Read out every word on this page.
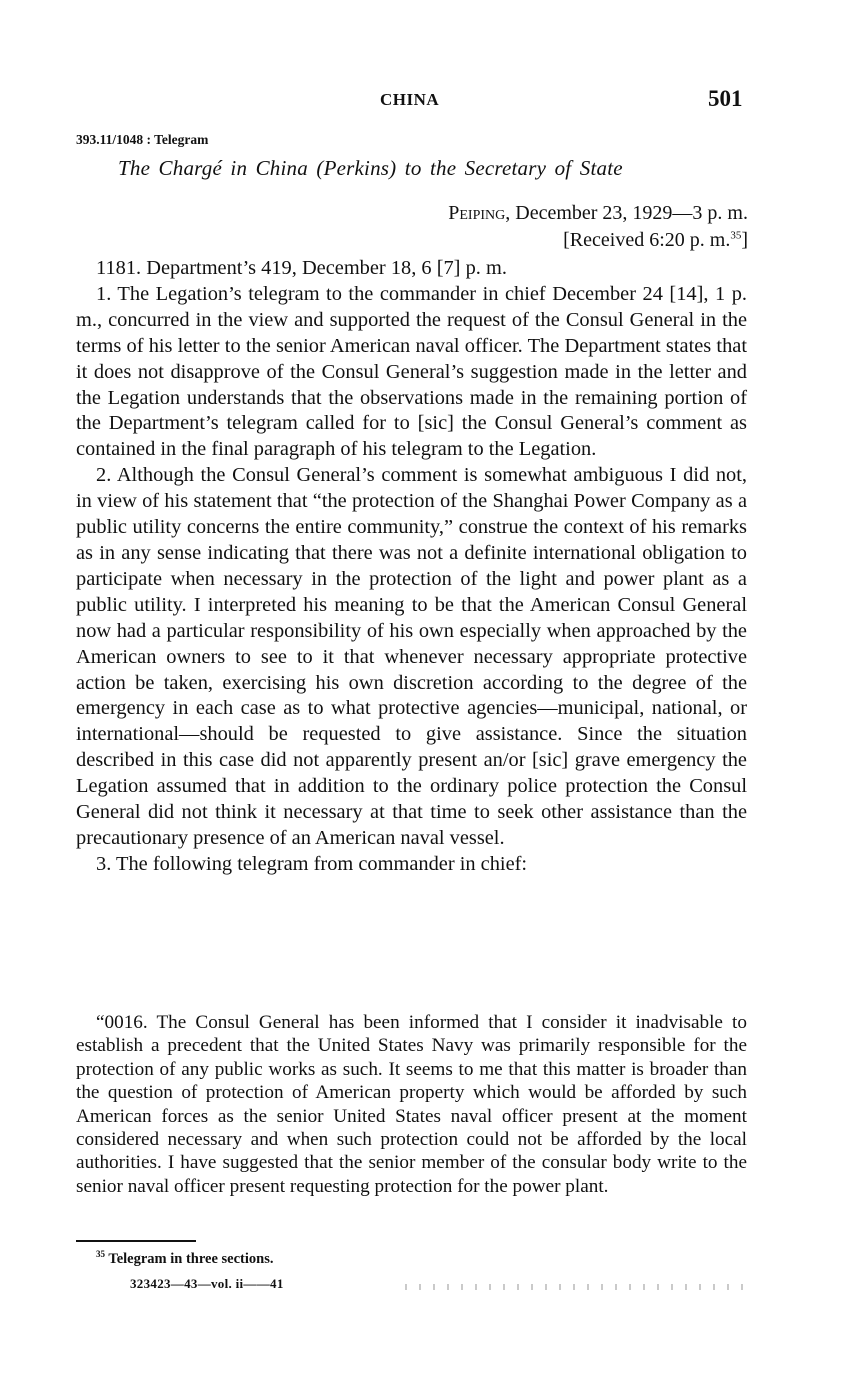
CHINA	501
393.11/1048 : Telegram
The Chargé in China (Perkins) to the Secretary of State
Peiping, December 23, 1929—3 p. m.
[Received 6:20 p. m.$^{35}$]

1181. Department’s 419, December 18, 6 [7] p. m.

1. The Legation’s telegram to the commander in chief December 24 [14], 1 p. m., concurred in the view and supported the request of the Consul General in the terms of his letter to the senior American naval officer. The Department states that it does not disapprove of the Consul General’s suggestion made in the letter and the Legation understands that the observations made in the remaining portion of the Department’s telegram called for to [sic] the Consul General’s comment as contained in the final paragraph of his telegram to the Legation.

2. Although the Consul General’s comment is somewhat ambiguous I did not, in view of his statement that “the protection of the Shanghai Power Company as a public utility concerns the entire community,” construe the context of his remarks as in any sense indicating that there was not a definite international obligation to participate when necessary in the protection of the light and power plant as a public utility. I interpreted his meaning to be that the American Consul General now had a particular responsibility of his own especially when approached by the American owners to see to it that whenever necessary appropriate protective action be taken, exercising his own discretion according to the degree of the emergency in each case as to what protective agencies—municipal, national, or international—should be requested to give assistance. Since the situation described in this case did not apparently present an/or [sic] grave emergency the Legation assumed that in addition to the ordinary police protection the Consul General did not think it necessary at that time to seek other assistance than the precautionary presence of an American naval vessel.

3. The following telegram from commander in chief:

“0016. The Consul General has been informed that I consider it inadvisable to establish a precedent that the United States Navy was primarily responsible for the protection of any public works as such. It seems to me that this matter is broader than the question of protection of American property which would be afforded by such American forces as the senior United States naval officer present at the moment considered necessary and when such protection could not be afforded by the local authorities. I have suggested that the senior member of the consular body write to the senior naval officer present requesting protection for the power plant.
$^{35}$ Telegram in three sections.
323423—43—vol. ii——41
